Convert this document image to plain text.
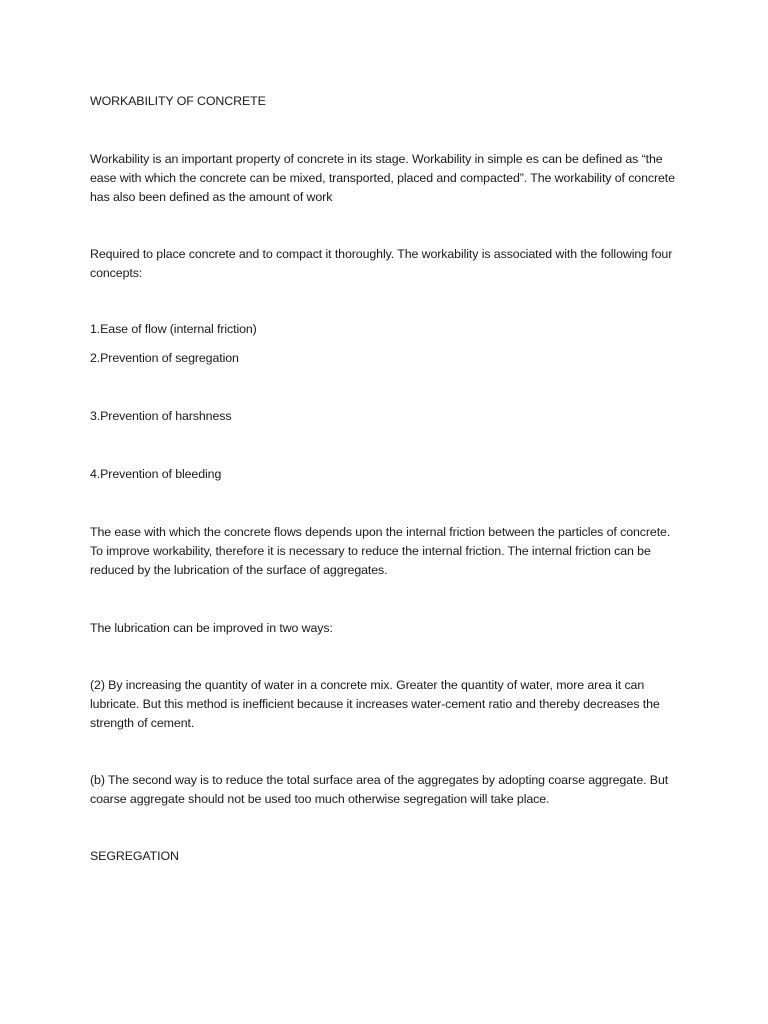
WORKABILITY OF CONCRETE

Workability is an important property of concrete in its stage. Workability in simple es can be defined as “the ease with which the concrete can be mixed, transported, placed and compacted”. The workability of concrete has also been defined as the amount of work

Required to place concrete and to compact it thoroughly. The workability is associated with the following four concepts:

1.Ease of flow (internal friction)

2.Prevention of segregation

3.Prevention of harshness

4.Prevention of bleeding

The ease with which the concrete flows depends upon the internal friction between the particles of concrete. To improve workability, therefore it is necessary to reduce the internal friction. The internal friction can be reduced by the lubrication of the surface of aggregates.

The lubrication can be improved in two ways:

(2) By increasing the quantity of water in a concrete mix. Greater the quantity of water, more area it can lubricate. But this method is inefficient because it increases water-cement ratio and thereby decreases the strength of cement.

(b) The second way is to reduce the total surface area of the aggregates by adopting coarse aggregate. But coarse aggregate should not be used too much otherwise segregation will take place.

SEGREGATION
